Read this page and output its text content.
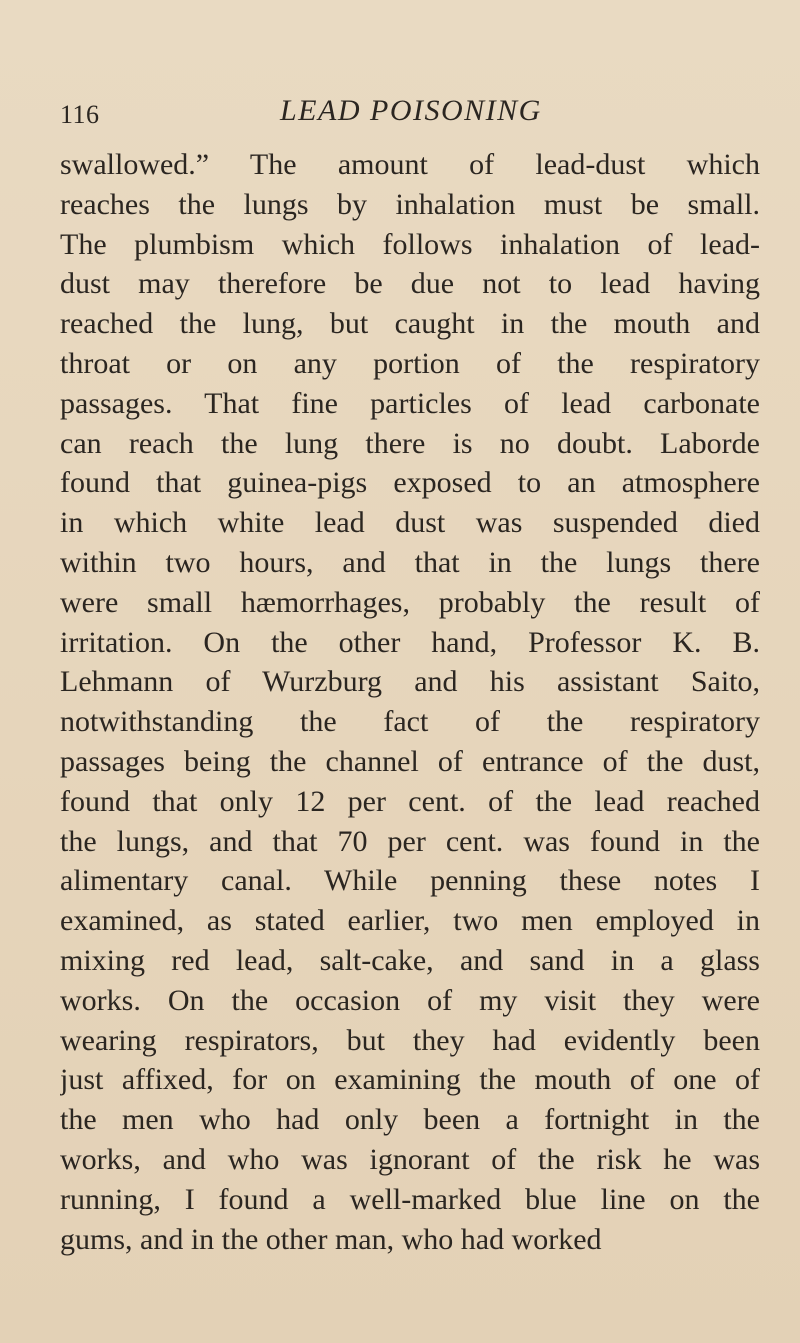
116	LEAD POISONING
swallowed.” The amount of lead-dust which
reaches the lungs by inhalation must be small.
The plumbism which follows inhalation of lead-
dust may therefore be due not to lead having
reached the lung, but caught in the mouth and
throat or on any portion of the respiratory
passages. That fine particles of lead carbonate
can reach the lung there is no doubt. Laborde
found that guinea-pigs exposed to an atmosphere
in which white lead dust was suspended died
within two hours, and that in the lungs there
were small hæmorrhages, probably the result of
irritation. On the other hand, Professor K. B.
Lehmann of Wurzburg and his assistant Saito,
notwithstanding the fact of the respiratory
passages being the channel of entrance of the dust,
found that only 12 per cent. of the lead reached
the lungs, and that 70 per cent. was found in the
alimentary canal. While penning these notes I
examined, as stated earlier, two men employed in
mixing red lead, salt-cake, and sand in a glass
works. On the occasion of my visit they were
wearing respirators, but they had evidently been
just affixed, for on examining the mouth of one of
the men who had only been a fortnight in the
works, and who was ignorant of the risk he was
running, I found a well-marked blue line on the
gums, and in the other man, who had worked
